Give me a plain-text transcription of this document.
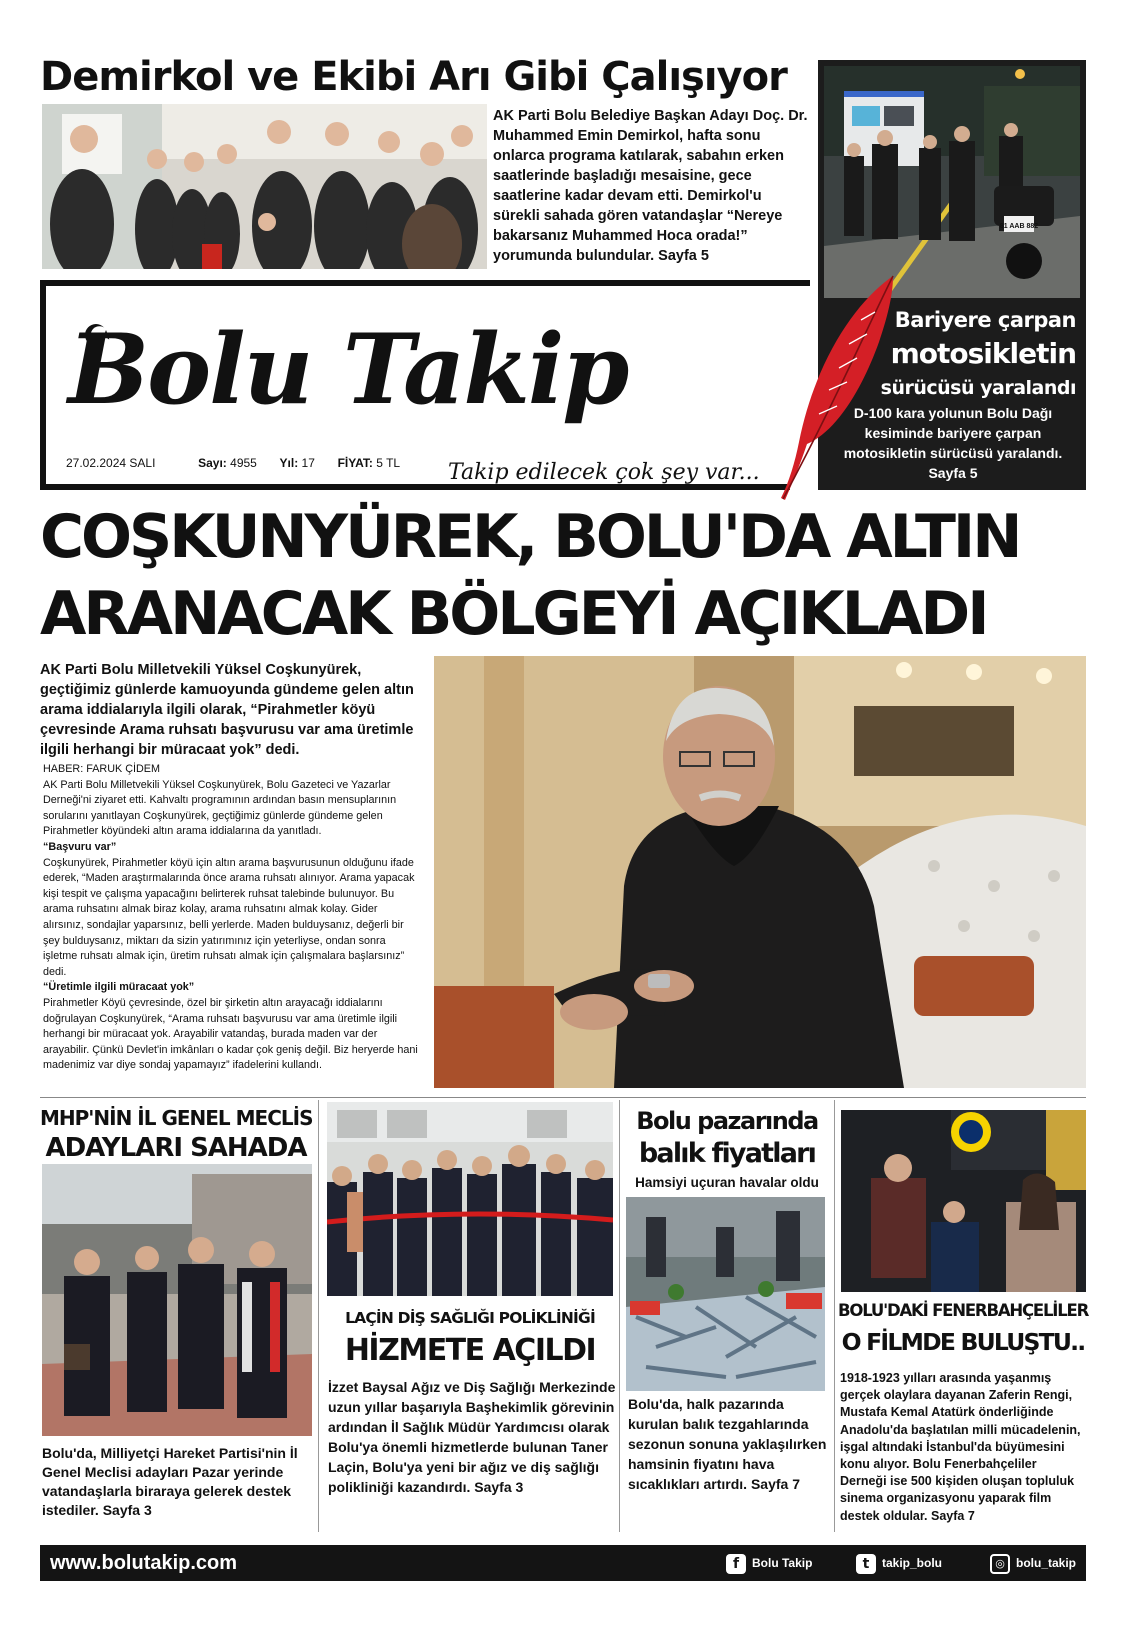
Demirkol ve Ekibi Arı Gibi Çalışıyor
AK Parti Bolu Belediye Başkan Adayı Doç. Dr. Muhammed Emin Demirkol, hafta sonu onlarca programa katılarak, sabahın erken saatlerinde başladığı mesaisine, gece saatlerine kadar devam etti. Demirkol'u sürekli sahada gören vatandaşlar “Nereye bakarsanız Muhammed Hoca orada!” yorumunda bulundular. Sayfa 5
81 AAB 882
Bariyere çarpan
motosikletin
sürücüsü yaralandı
D-100 kara yolunun Bolu Dağı kesiminde bariyere çarpan motosikletin sürücüsü yaralandı. Sayfa 5
Bolu Takip
27.02.2024 SALI	Sayı: 4955 Yıl: 17 FİYAT: 5 TL	Takip edilecek çok şey var...
COŞKUNYÜREK, BOLU'DA ALTIN
ARANACAK BÖLGEYİ AÇIKLADI
AK Parti Bolu Milletvekili Yüksel Coşkunyürek, geçtiğimiz günlerde kamuoyunda gündeme gelen altın arama iddialarıyla ilgili olarak, “Pirahmetler köyü çevresinde Arama ruhsatı başvurusu var ama üretimle ilgili herhangi bir müracaat yok” dedi.
HABER: FARUK ÇİDEM
AK Parti Bolu Milletvekili Yüksel Coşkunyürek, Bolu Gazeteci ve Yazarlar Derneği'ni ziyaret etti. Kahvaltı programının ardından basın mensuplarının sorularını yanıtlayan Coşkunyürek, geçtiğimiz günlerde gündeme gelen Pirahmetler köyündeki altın arama iddialarına da yanıtladı.
“Başvuru var”
Coşkunyürek, Pirahmetler köyü için altın arama başvurusunun olduğunu ifade ederek, “Maden araştırmalarında önce arama ruhsatı alınıyor. Arama yapacak kişi tespit ve çalışma yapacağını belirterek ruhsat talebinde bulunuyor. Bu arama ruhsatını almak biraz kolay, arama ruhsatını almak kolay. Gider alırsınız, sondajlar yaparsınız, belli yerlerde. Maden bulduysanız, değerli bir şey bulduysanız, miktarı da sizin yatırımınız için yeterliyse, ondan sonra işletme ruhsatı almak için, üretim ruhsatı almak için çalışmalara başlarsınız” dedi.
“Üretimle ilgili müracaat yok”
Pirahmetler Köyü çevresinde, özel bir şirketin altın arayacağı iddialarını doğrulayan Coşkunyürek, “Arama ruhsatı başvurusu var ama üretimle ilgili herhangi bir müracaat yok. Arayabilir vatandaş, burada maden var der arayabilir. Çünkü Devlet'in imkânları o kadar çok geniş değil. Biz heryerde hani madenimiz var diye sondaj yapamayız” ifadelerini kullandı.
MHP'NİN İL GENEL MECLİS
ADAYLARI SAHADA
Bolu'da, Milliyetçi Hareket Partisi'nin İl Genel Meclisi adayları Pazar yerinde vatandaşlarla biraraya gelerek destek istediler. Sayfa 3
LAÇİN DİŞ SAĞLIĞI POLİKLİNİĞİ
HİZMETE AÇILDI
İzzet Baysal Ağız ve Diş Sağlığı Merkezinde uzun yıllar başarıyla Başhekimlik görevinin ardından İl Sağlık Müdür Yardımcısı olarak Bolu'ya önemli hizmetlerde bulunan Taner Laçin, Bolu'ya yeni bir ağız ve diş sağlığı polikliniği kazandırdı. Sayfa 3
Bolu pazarında
balık fiyatları
Hamsiyi uçuran havalar oldu
Bolu'da, halk pazarında kurulan balık tezgahlarında sezonun sonuna yaklaşılırken hamsinin fiyatını hava sıcaklıkları artırdı. Sayfa 7
BOLU'DAKİ FENERBAHÇELİLER
O FİLMDE BULUŞTU..
1918-1923 yılları arasında yaşanmış gerçek olaylara dayanan Zaferin Rengi, Mustafa Kemal Atatürk önderliğinde Anadolu'da başlatılan milli mücadelenin, işgal altındaki İstanbul'da büyümesini konu alıyor. Bolu Fenerbahçeliler Derneği ise 500 kişiden oluşan topluluk sinema organizasyonu yaparak film destek oldular. Sayfa 7
www.bolutakip.com	f Bolu Takip	t takip_bolu	◎ bolu_takip
